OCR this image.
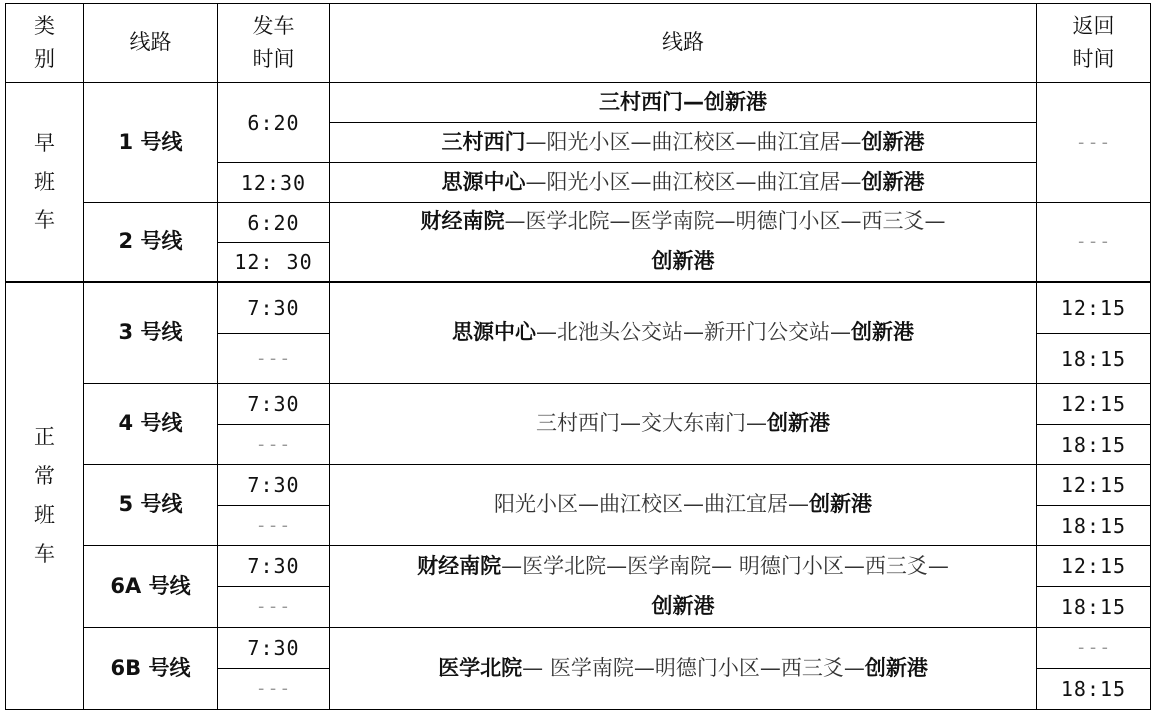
类
别
线路
发车
时间
线路
返回
时间
早
班
车
1 号线
6:20
三村西门 — 创新港
三村西门 —阳光小区—曲江校区—曲江宜居— 创新港
12:30	思源中心 —阳光小区—曲江校区—曲江宜居— 创新港
---
2 号线
6:20
12: 30
财经南院—医学北院—医学南院—明德门小区—西三爻—
创新港
---
正
常
班
车
3 号线
7:30
---
思源中心 —北池头公交站—新开门公交站— 创新港
12:15
18:15
4 号线
7:30
---
三村西门 —交大东南门— 创新港
12:15
18:15
5 号线
7:30
---
阳光小区 —曲江校区—曲江宜居— 创新港
12:15
18:15
6A 号线
7:30
---
财经南院—医学北院—医学南院— 明德门小区—西三爻—
创新港
12:15
18:15
6B 号线
7:30
---
医学北院 — 医学南院—明德门小区—西三爻— 创新港
---
18:15
